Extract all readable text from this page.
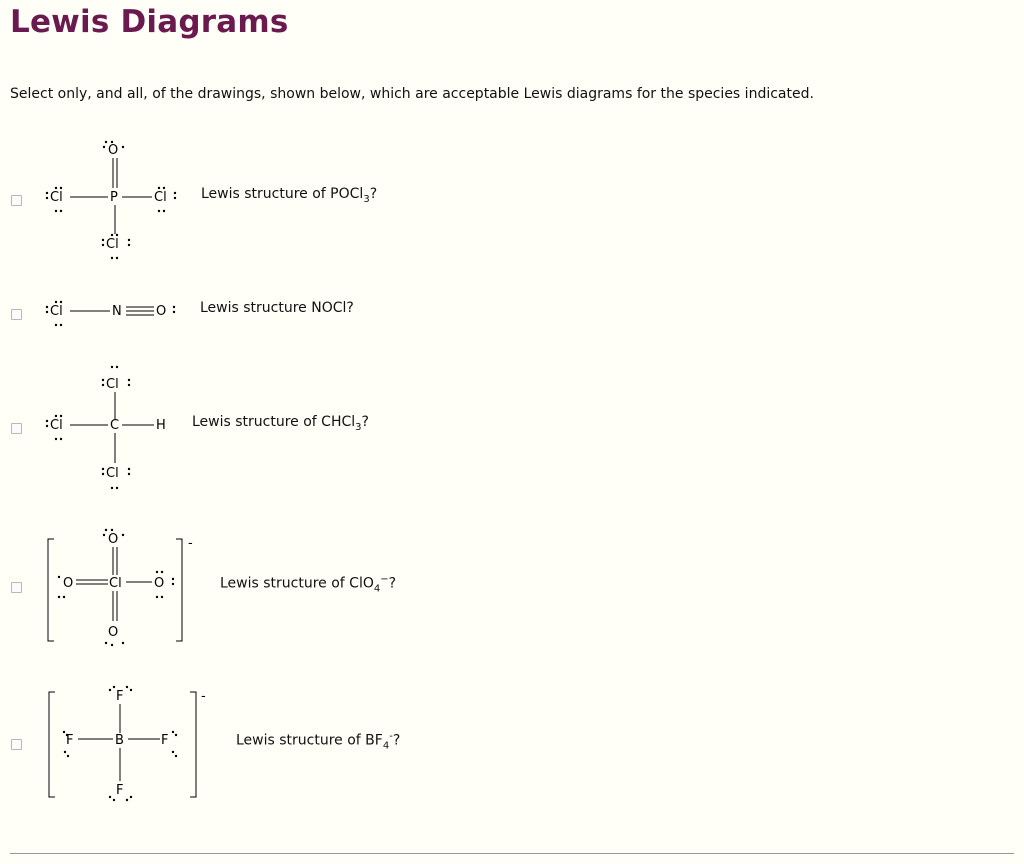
Lewis Diagrams
Select only, and all, of the drawings, shown below, which are acceptable Lewis diagrams for the species indicated.
O
Cl	P	Cl
Cl
Lewis structure of POCl$_3$?
Cl	N	O Lewis structure NOCl?
Cl
Cl	C	H
Cl
Lewis structure of CHCl$_3$?
-
O
O	Cl O
O
Lewis structure of ClO$_4$−?
-
F
F	B	F
F
Lewis structure of $BF_4^-$?
